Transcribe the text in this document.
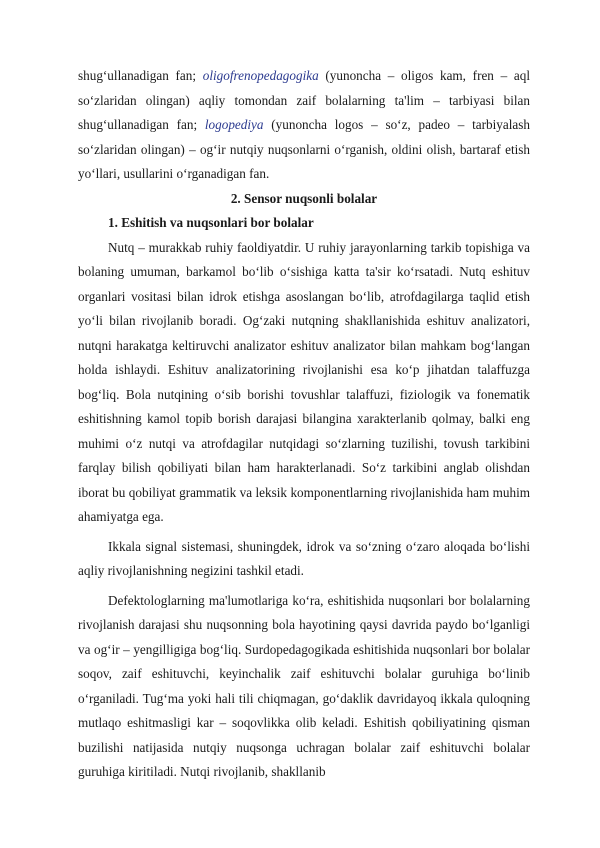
shug‘ullanadigan fan; oligofrenopedagogika (yunoncha – oligos kam, fren – aql so‘zlaridan olingan) aqliy tomondan zaif bolalarning ta'lim – tarbiyasi bilan shug‘ullanadigan fan; logopediya (yunoncha logos – so‘z, padeo – tarbiyalash so‘zlaridan olingan) – og‘ir nutqiy nuqsonlarni o‘rganish, oldini olish, bartaraf etish yo‘llari, usullarini o‘rganadigan fan.

2. Sensor nuqsonli bolalar

1. Eshitish va nuqsonlari bor bolalar

Nutq – murakkab ruhiy faoldiyatdir. U ruhiy jarayonlarning tarkib topishiga va bolaning umuman, barkamol bo‘lib o‘sishiga katta ta'sir ko‘rsatadi. Nutq eshituv organlari vositasi bilan idrok etishga asoslangan bo‘lib, atrofdagilarga taqlid etish yo‘li bilan rivojlanib boradi. Og‘zaki nutqning shakllanishida eshituv analizatori, nutqni harakatga keltiruvchi analizator eshituv analizator bilan mahkam bog‘langan holda ishlaydi. Eshituv analizatorining rivojlanishi esa ko‘p jihatdan talaffuzga bog‘liq. Bola nutqining o‘sib borishi tovushlar talaffuzi, fiziologik va fonematik eshitishning kamol topib borish darajasi bilangina xarakterlanib qolmay, balki eng muhimi o‘z nutqi va atrofdagilar nutqidagi so‘zlarning tuzilishi, tovush tarkibini farqlay bilish qobiliyati bilan ham harakterlanadi. So‘z tarkibini anglab olishdan iborat bu qobiliyat grammatik va leksik komponentlarning rivojlanishida ham muhim ahamiyatga ega.

Ikkala signal sistemasi, shuningdek, idrok va so‘zning o‘zaro aloqada bo‘lishi aqliy rivojlanishning negizini tashkil etadi.

Defektologlarning ma'lumotlariga ko‘ra, eshitishida nuqsonlari bor bolalarning rivojlanish darajasi shu nuqsonning bola hayotining qaysi davrida paydo bo‘lganligi va og‘ir – yengilligiga bog‘liq. Surdopedagogikada eshitishida nuqsonlari bor bolalar soqov, zaif eshituvchi, keyinchalik zaif eshituvchi bolalar guruhiga bo‘linib o‘rganiladi. Tug‘ma yoki hali tili chiqmagan, go‘daklik davridayoq ikkala quloqning mutlaqo eshitmasligi kar – soqovlikka olib keladi. Eshitish qobiliyatining qisman buzilishi natijasida nutqiy nuqsonga uchragan bolalar zaif eshituvchi bolalar guruhiga kiritiladi. Nutqi rivojlanib, shakllanib
